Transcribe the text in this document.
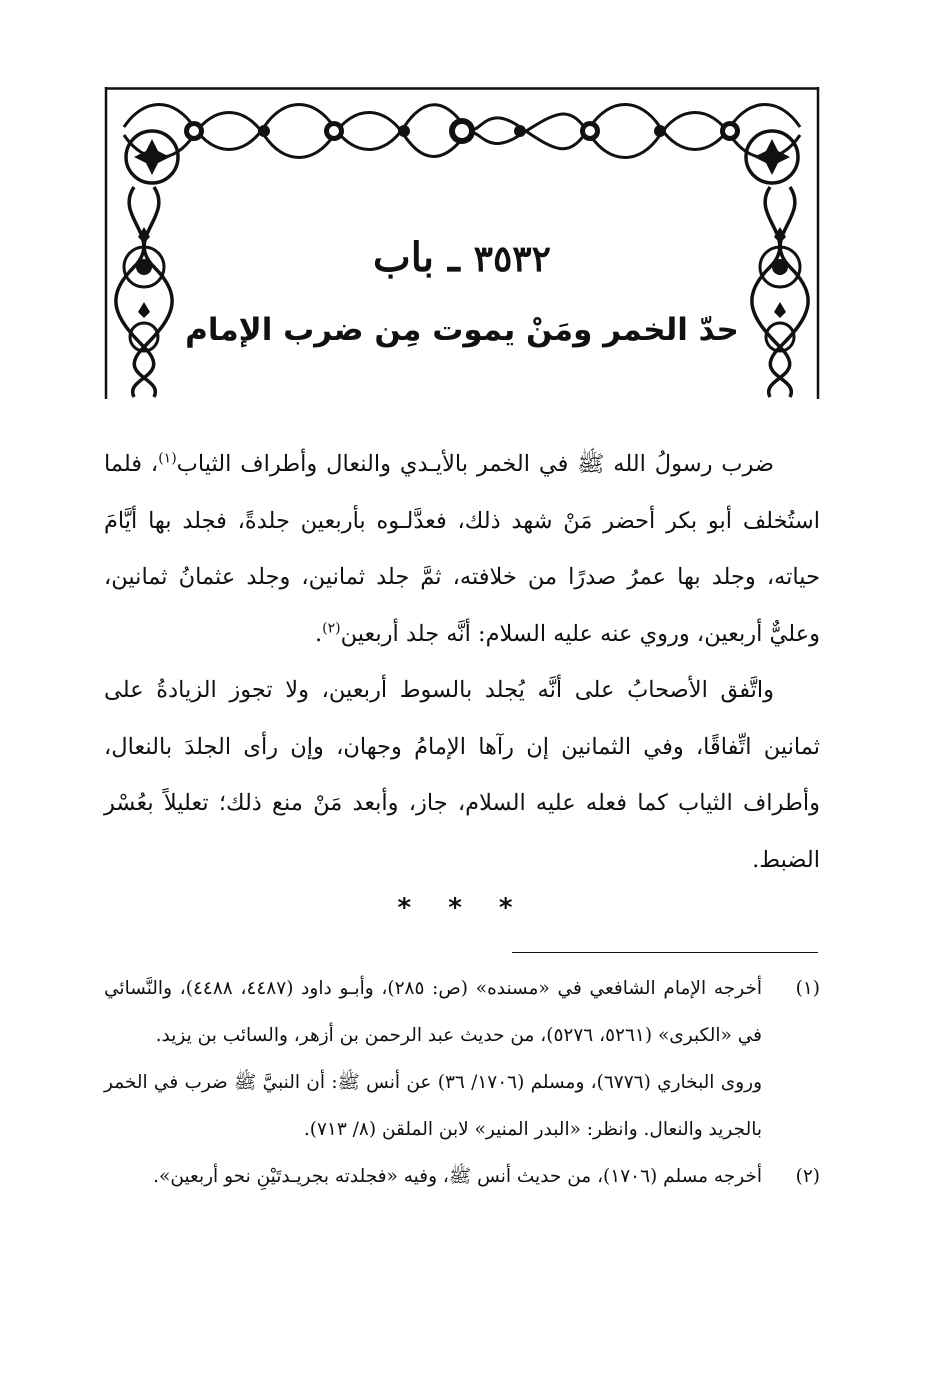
٣٥٣٢ ـ باب
حدّ الخمر ومَنْ يموت مِن ضرب الإمام

ضرب رسولُ الله ﷺ في الخمر بالأيـدي والنعال وأطراف الثياب$^{(١)}$، فلما استُخلف أبو بكر أحضر مَنْ شهد ذلك، فعدَّلـوه بأربعين جلدةً، فجلد بها أيَّامَ حياته، وجلد بها عمرُ صدرًا من خلافته، ثمَّ جلد ثمانين، وجلد عثمانُ ثمانين، وعليٌّ أربعين، وروي عنه عليه السلام: أنَّه جلد أربعين$^{(٢)}$.

واتَّفق الأصحابُ على أنَّه يُجلد بالسوط أربعين، ولا تجوز الزيادةُ على ثمانين اتِّفاقًا، وفي الثمانين إن رآها الإمامُ وجهان، وإن رأى الجلدَ بالنعال، وأطراف الثياب كما فعله عليه السلام، جاز، وأبعد مَنْ منع ذلك؛ تعليلاً بعُسْر الضبط.

* * *
(١)

أخرجه الإمام الشافعي في «مسنده» (ص: ٢٨٥)، وأبـو داود (٤٤٨٧، ٤٤٨٨)، والنَّسائي في «الكبرى» (٥٢٦١، ٥٢٧٦)، من حديث عبد الرحمن بن أزهر، والسائب بن يزيد.

وروى البخاري (٦٧٧٦)، ومسلم (١٧٠٦/ ٣٦) عن أنس ﷺ: أن النبيَّ ﷺ ضرب في الخمر بالجريد والنعال. وانظر: «البدر المنير» لابن الملقن (٨/ ٧١٣).

(٢)

أخرجه مسلم (١٧٠٦)، من حديث أنس ﷺ، وفيه «فجلدته بجريـدتَيْنِ نحو أربعين».
